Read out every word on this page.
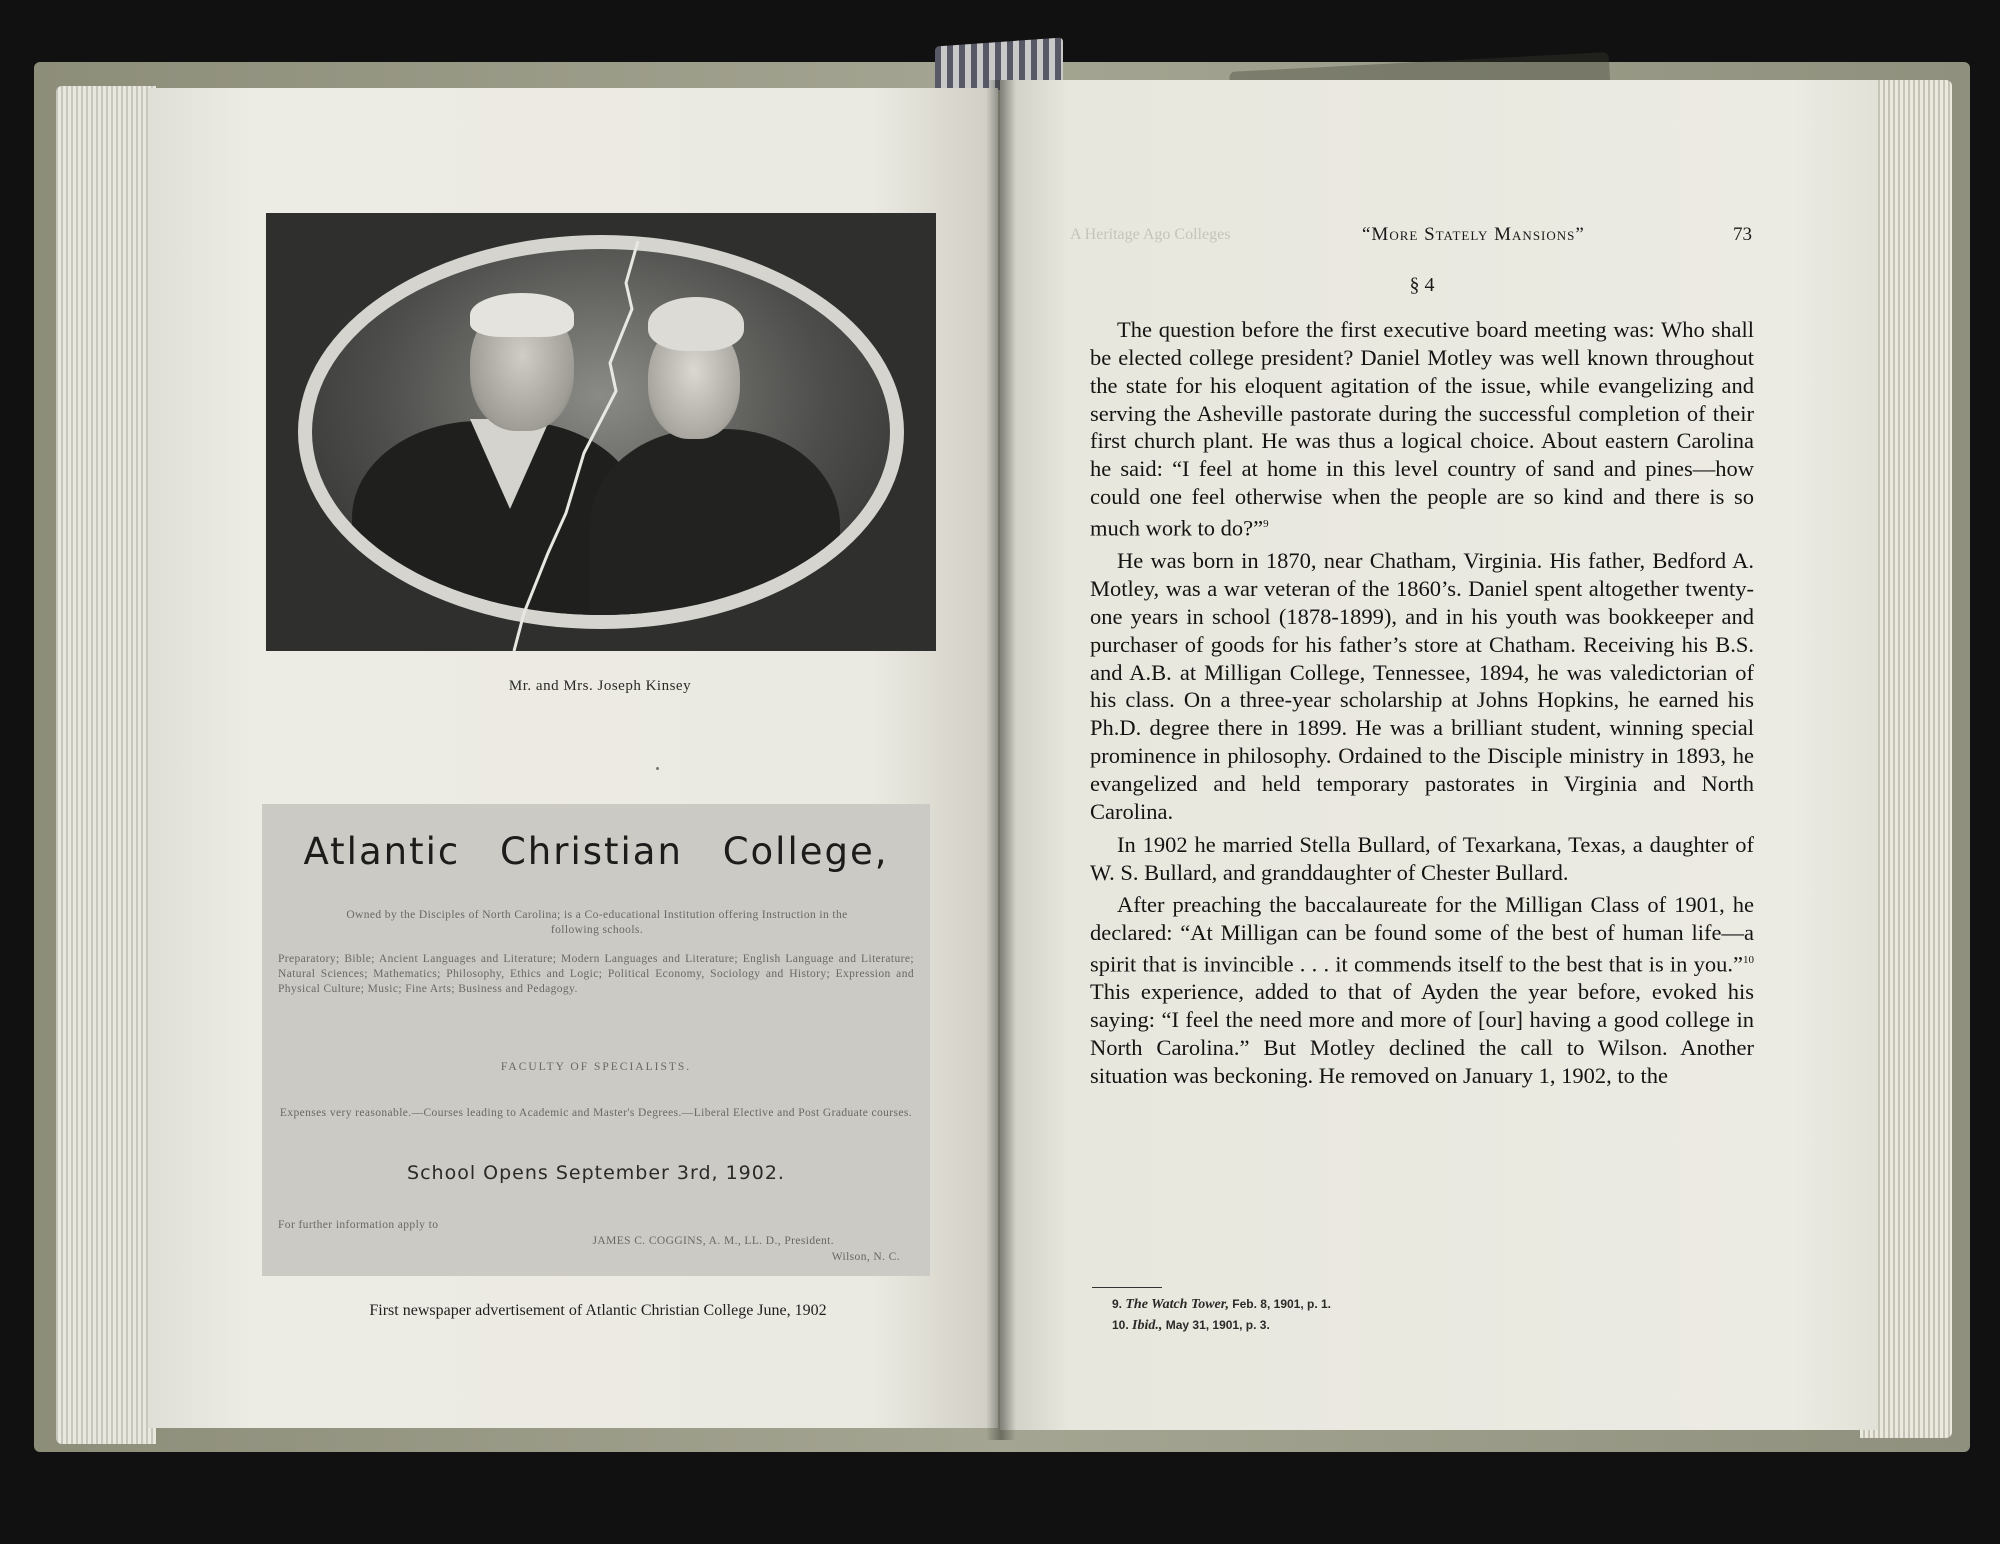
Mr. and Mrs. Joseph Kinsey
Atlantic Christian College,
Owned by the Disciples of North Carolina; is a Co-educational Institution offering Instruction in the following schools.
Preparatory; Bible; Ancient Languages and Literature; Modern Languages and Literature; English Language and Literature; Natural Sciences; Mathematics; Philosophy, Ethics and Logic; Political Economy, Sociology and History; Expression and Physical Culture; Music; Fine Arts; Business and Pedagogy.
FACULTY OF SPECIALISTS.
Expenses very reasonable.—Courses leading to Academic and Master's Degrees.—Liberal Elective and Post Graduate courses.
School Opens September 3rd, 1902.
For further information apply to
JAMES C. COGGINS, A. M., LL. D., President.
Wilson, N. C.
First newspaper advertisement of Atlantic Christian College June, 1902
A Heritage Ago Colleges	“More Stately Mansions”	73
§ 4

The question before the first executive board meeting was: Who shall be elected college president? Daniel Motley was well known throughout the state for his eloquent agitation of the issue, while evangelizing and serving the Asheville pastorate during the successful completion of their first church plant. He was thus a logical choice. About eastern Carolina he said: “I feel at home in this level country of sand and pines—how could one feel otherwise when the people are so kind and there is so much work to do?”$^9$

He was born in 1870, near Chatham, Virginia. His father, Bedford A. Motley, was a war veteran of the 1860’s. Daniel spent altogether twenty-one years in school (1878-1899), and in his youth was bookkeeper and purchaser of goods for his father’s store at Chatham. Receiving his B.S. and A.B. at Milligan College, Tennessee, 1894, he was valedictorian of his class. On a three-year scholarship at Johns Hopkins, he earned his Ph.D. degree there in 1899. He was a brilliant student, winning special prominence in philosophy. Ordained to the Disciple ministry in 1893, he evangelized and held temporary pastorates in Virginia and North Carolina.

In 1902 he married Stella Bullard, of Texarkana, Texas, a daughter of W. S. Bullard, and granddaughter of Chester Bullard.

After preaching the baccalaureate for the Milligan Class of 1901, he declared: “At Milligan can be found some of the best of human life—a spirit that is invincible . . . it commends itself to the best that is in you.”$^{10}$ This experience, added to that of Ayden the year before, evoked his saying: “I feel the need more and more of [our] having a good college in North Carolina.” But Motley declined the call to Wilson. Another situation was beckoning. He removed on January 1, 1902, to the

9. The Watch Tower, Feb. 8, 1901, p. 1.
10. Ibid., May 31, 1901, p. 3.
